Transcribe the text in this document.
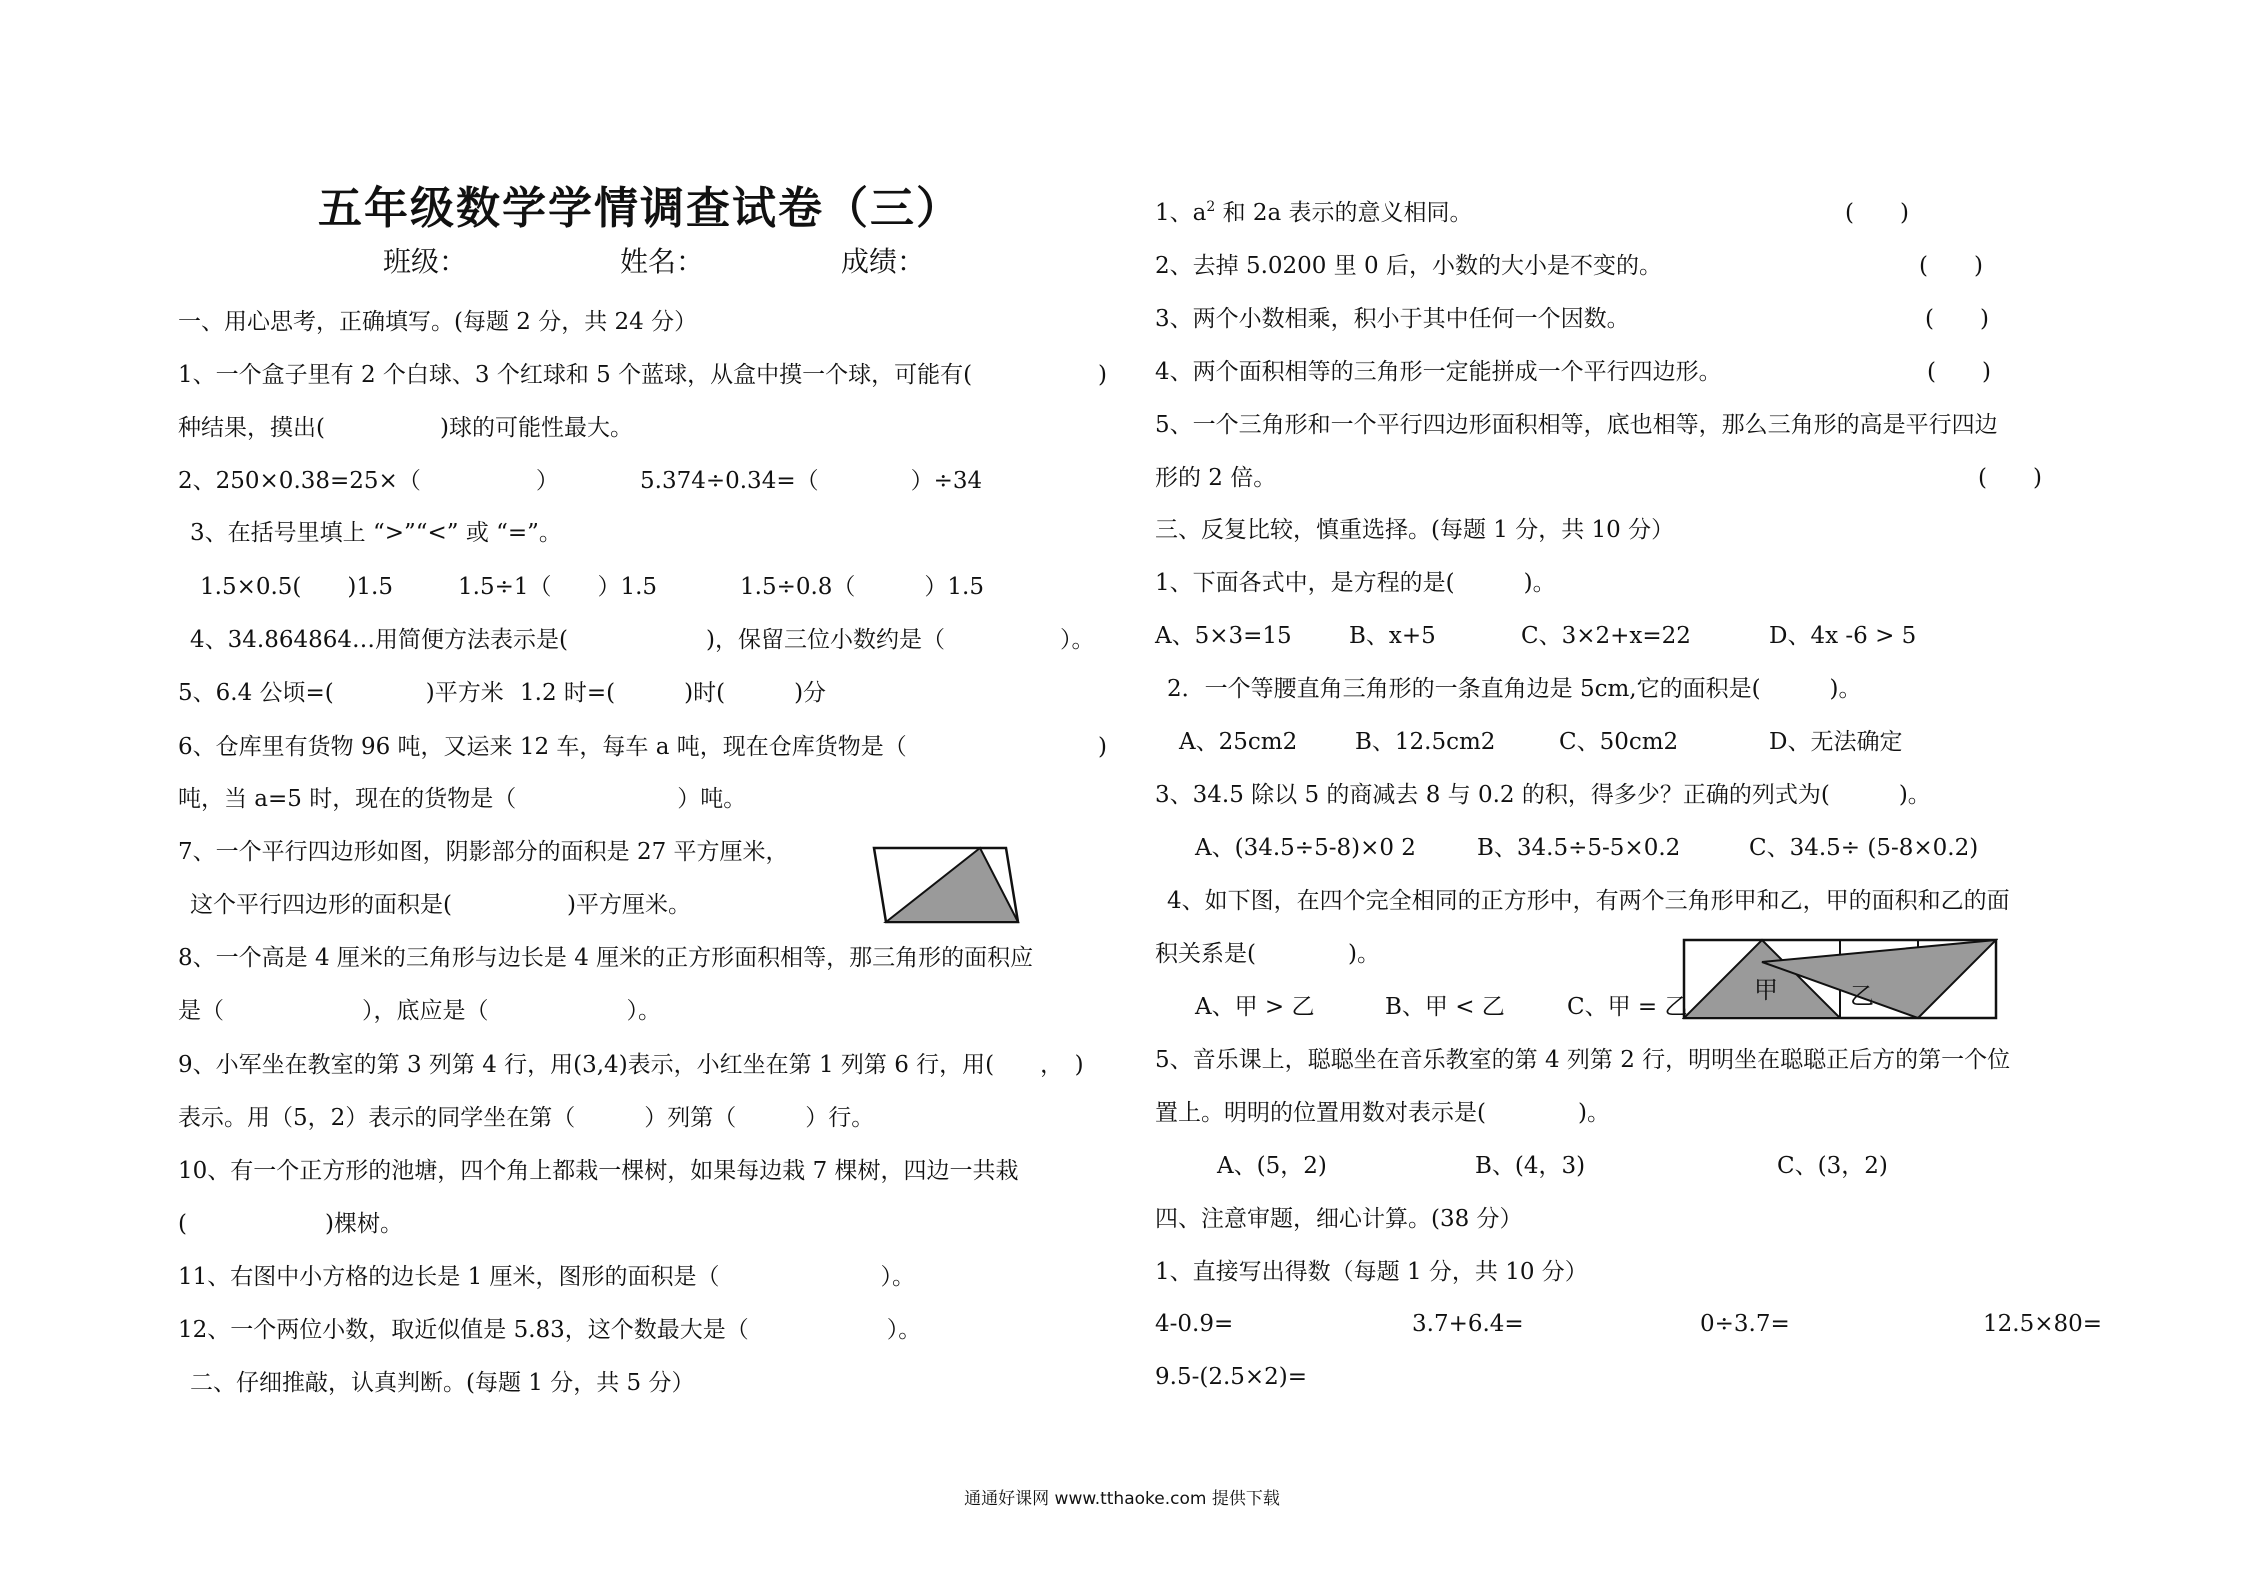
五年级数学学情调查试卷（三）
班级：	姓名：	成绩：
一、用心思考，正确填写。(每题 2 分，共 24 分）
1、一个盒子里有 2 个白球、3 个红球和 5 个蓝球，从盒中摸一个球，可能有(	)
种结果，摸出(　　　　　)球的可能性最大。
2、250×0.38=25×（　　　　　）	5.374÷0.34=（　　　　）÷34
3、在括号里填上 “>”“<” 或 “=”。
1.5×0.5(　　)1.5	1.5÷1（　　）1.5	1.5÷0.8（　　　）1.5
4、34.864864…用简便方法表示是(　　　　　　)，保留三位小数约是（　　　　　）。
5、6.4 公顷=(　　　　)平方米 1.2 时=(　　　)时(　　　)分
6、仓库里有货物 96 吨，又运来 12 车，每车 a 吨，现在仓库货物是（	)
吨，当 a=5 时，现在的货物是（　　　　　　　）吨。
7、一个平行四边形如图，阴影部分的面积是 27 平方厘米，
这个平行四边形的面积是(　　　　　)平方厘米。
8、一个高是 4 厘米的三角形与边长是 4 厘米的正方形面积相等，那三角形的面积应
是（　　　　　　），底应是（　　　　　　）。
9、小军坐在教室的第 3 列第 4 行，用(3,4)表示，小红坐在第 1 列第 6 行，用(　　，　)
表示。用（5，2）表示的同学坐在第（　　　）列第（　　　）行。
10、有一个正方形的池塘，四个角上都栽一棵树，如果每边栽 7 棵树，四边一共栽
(　　　　　　)棵树。
11、右图中小方格的边长是 1 厘米，图形的面积是（　　　　　　　）。
12、一个两位小数，取近似值是 5.83，这个数最大是（　　　　　　）。
二、仔细推敲，认真判断。(每题 1 分，共 5 分）
1、$a^2$ 和 2a 表示的意义相同。	(　　)
2、去掉 5.0200 里 0 后，小数的大小是不变的。	(　　)
3、两个小数相乘，积小于其中任何一个因数。	(　　)
4、两个面积相等的三角形一定能拼成一个平行四边形。	(　　)
5、一个三角形和一个平行四边形面积相等，底也相等，那么三角形的高是平行四边
形的 2 倍。	(　　)
三、反复比较，慎重选择。(每题 1 分，共 10 分）
1、下面各式中，是方程的是(　　　)。
A、5×3=15 B、x+5	C、3×2+x=22	D、4x -6 > 5
2．一个等腰直角三角形的一条直角边是 5cm,它的面积是(　　　)。
A、25cm2	B、12.5cm2	C、50cm2	D、无法确定
3、34.5 除以 5 的商减去 8 与 0.2 的积，得多少？正确的列式为(　　　)。
A、(34.5÷5-8)×0 2	B、34.5÷5-5×0.2	C、34.5÷ (5-8×0.2)
4、如下图，在四个完全相同的正方形中，有两个三角形甲和乙，甲的面积和乙的面
积关系是(　　　　)。
A、甲 > 乙	B、甲 < 乙	C、甲 = 乙
甲	乙
5、音乐课上，聪聪坐在音乐教室的第 4 列第 2 行，明明坐在聪聪正后方的第一个位
置上。明明的位置用数对表示是(　　　　)。
A、(5，2)	B、(4，3)	C、(3，2)
四、注意审题，细心计算。(38 分）
1、直接写出得数（每题 1 分，共 10 分）
4-0.9=	3.7+6.4=	0÷3.7=	12.5×80=
9.5-(2.5×2)=
通通好课网 www.tthaoke.com 提供下载
